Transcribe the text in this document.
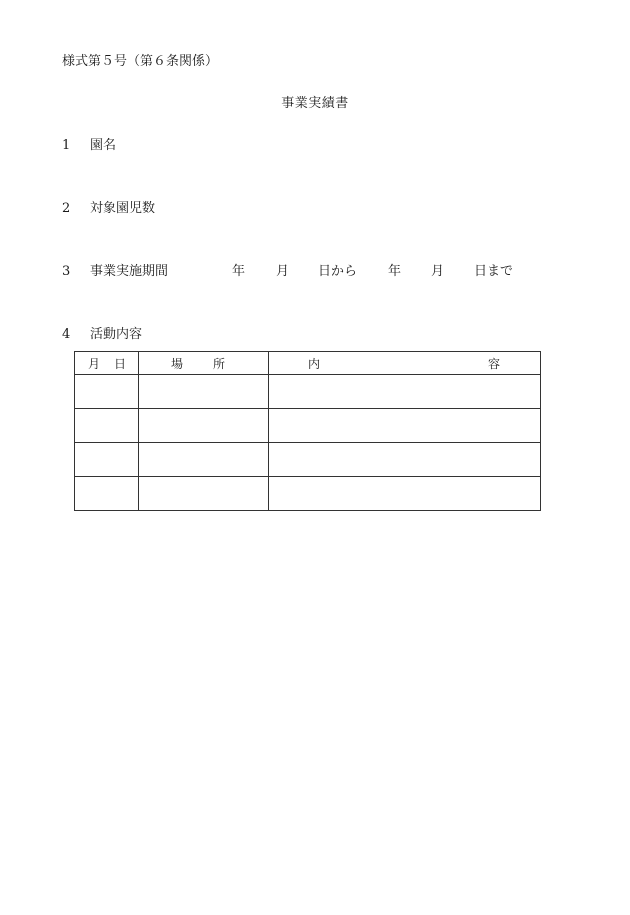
様式第５号（第６条関係）
事業実績書
1 園名
2 対象園児数
3 事業実施期間	年 月 日から 年 月 日まで
4 活動内容
月 日	場 所	内 容
